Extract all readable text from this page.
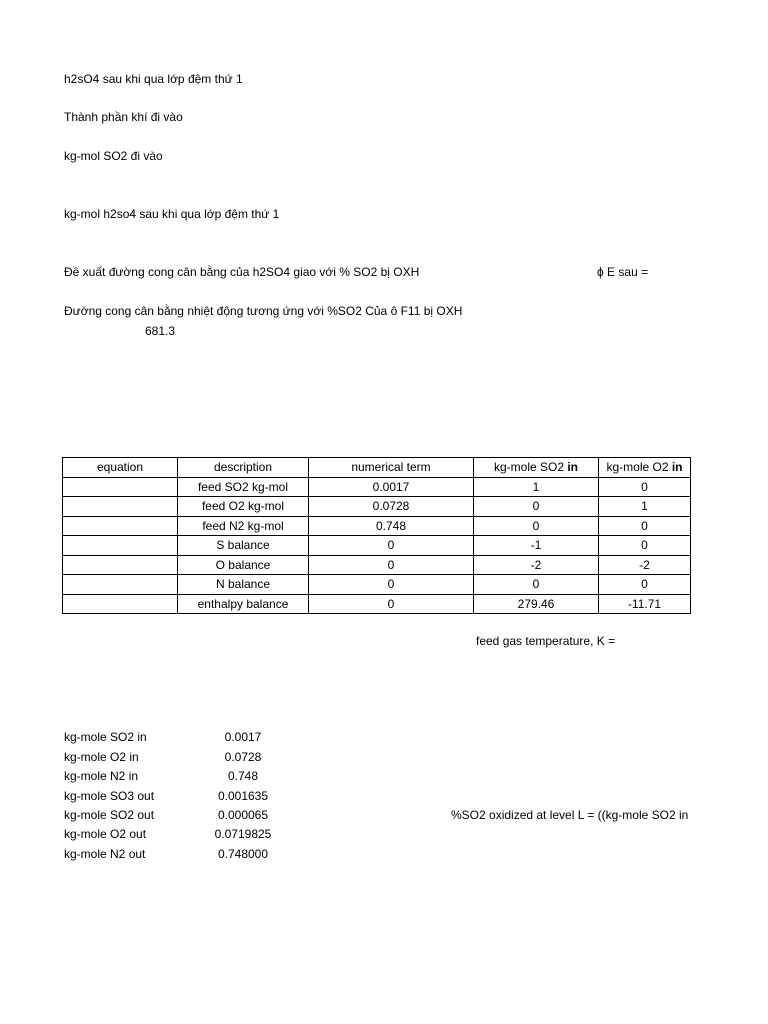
h2sO4 sau khi qua lớp đệm thứ 1
Thành phần khí đi vào
kg-mol SO2 đi vào
kg-mol h2so4 sau khi qua lớp đệm thứ 1
Đề xuất đường cong cân bằng của h2SO4 giao với % SO2 bị OXH	ϕ E sau =
Đường cong cân bằng nhiệt động tương ứng với %SO2 Của ô F11 bị OXH
681.3
equation	description	numerical term	kg-mole SO2 in	kg-mole O2 in
	feed SO2 kg-mol	0.0017	1	0
	feed O2 kg-mol	0.0728	0	1
	feed N2 kg-mol	0.748	0	0
	S balance	0	-1	0
	O balance	0	-2	-2
	N balance	0	0	0
	enthalpy balance	0	279.46	-11.71
feed gas temperature, K =
kg-mole SO2 in	0.0017
kg-mole O2 in	0.0728
kg-mole N2 in	0.748
kg-mole SO3 out	0.001635
kg-mole SO2 out	0.000065
kg-mole O2 out	0.0719825
kg-mole N2 out	0.748000
%SO2 oxidized at level L = ((kg-mole SO2 in
